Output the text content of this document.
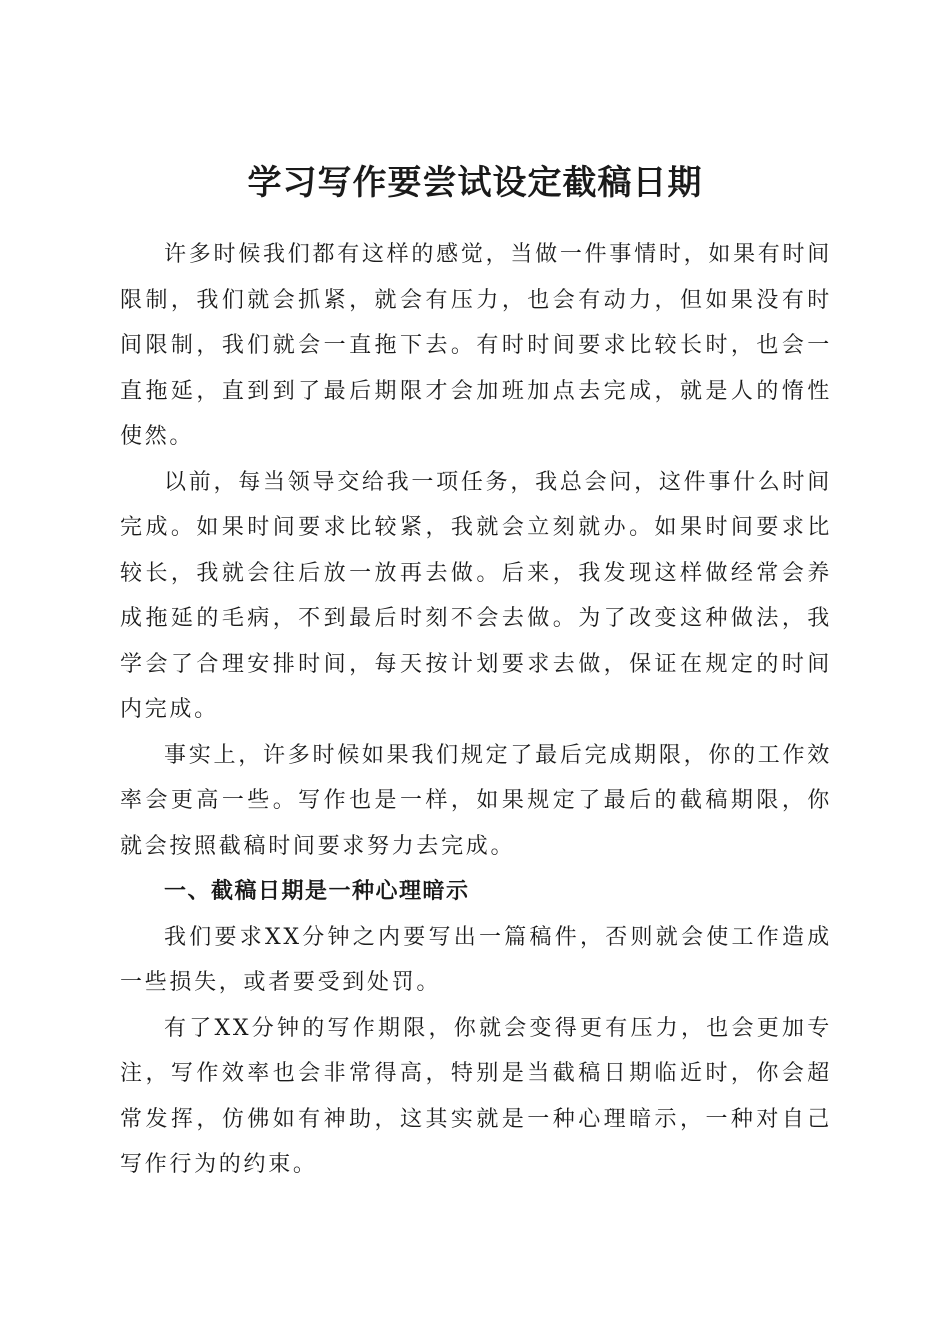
学习写作要尝试设定截稿日期

许多时候我们都有这样的感觉，当做一件事情时，如果有时间限制，我们就会抓紧，就会有压力，也会有动力，但如果没有时间限制，我们就会一直拖下去。有时时间要求比较长时，也会一直拖延，直到到了最后期限才会加班加点去完成，就是人的惰性使然。

以前，每当领导交给我一项任务，我总会问，这件事什么时间完成。如果时间要求比较紧，我就会立刻就办。如果时间要求比较长，我就会往后放一放再去做。后来，我发现这样做经常会养成拖延的毛病，不到最后时刻不会去做。为了改变这种做法，我学会了合理安排时间，每天按计划要求去做，保证在规定的时间内完成。

事实上，许多时候如果我们规定了最后完成期限，你的工作效率会更高一些。写作也是一样，如果规定了最后的截稿期限，你就会按照截稿时间要求努力去完成。

一、截稿日期是一种心理暗示

我们要求XX分钟之内要写出一篇稿件，否则就会使工作造成一些损失，或者要受到处罚。

有了XX分钟的写作期限，你就会变得更有压力，也会更加专注，写作效率也会非常得高，特别是当截稿日期临近时，你会超常发挥，仿佛如有神助，这其实就是一种心理暗示，一种对自己写作行为的约束。
